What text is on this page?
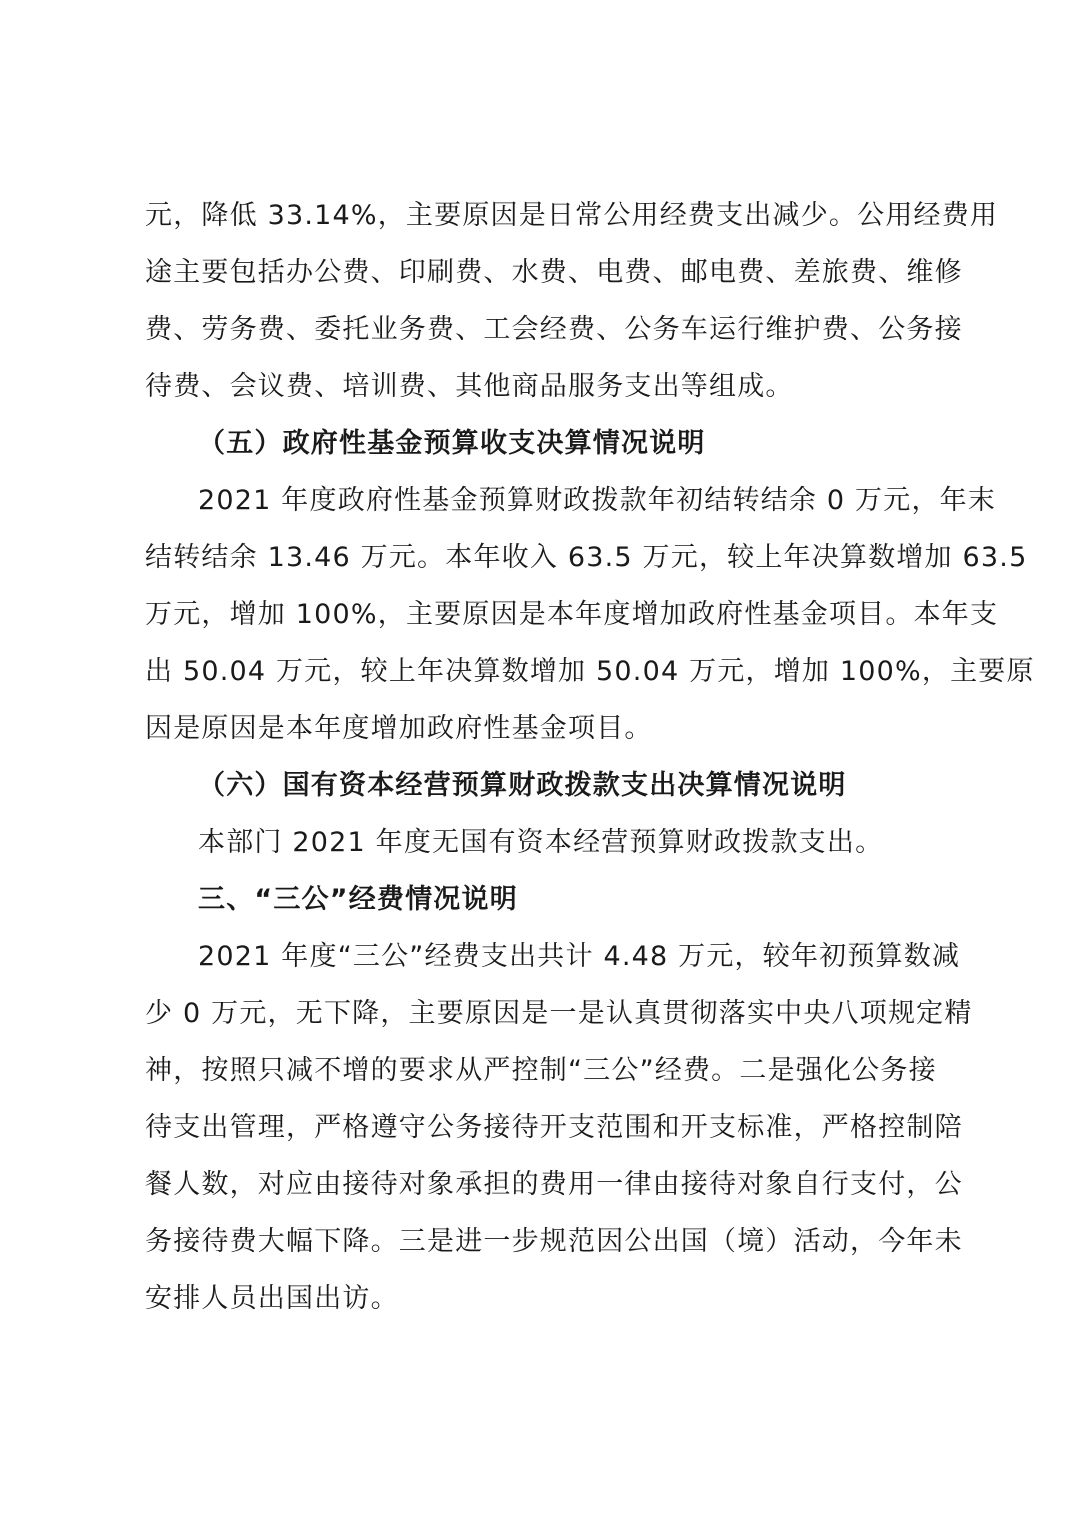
元，降低 33.14%，主要原因是日常公用经费支出减少。公用经费用
途主要包括办公费、印刷费、水费、电费、邮电费、差旅费、维修
费、劳务费、委托业务费、工会经费、公务车运行维护费、公务接
待费、会议费、培训费、其他商品服务支出等组成。
（五）政府性基金预算收支决算情况说明
2021 年度政府性基金预算财政拨款年初结转结余 0 万元，年末
结转结余 13.46 万元。本年收入 63.5 万元，较上年决算数增加 63.5
万元，增加 100%，主要原因是本年度增加政府性基金项目。本年支
出 50.04 万元，较上年决算数增加 50.04 万元，增加 100%，主要原
因是原因是本年度增加政府性基金项目。
（六）国有资本经营预算财政拨款支出决算情况说明
本部门 2021 年度无国有资本经营预算财政拨款支出。
三、“三公”经费情况说明
2021 年度“三公”经费支出共计 4.48 万元，较年初预算数减
少 0 万元，无下降，主要原因是一是认真贯彻落实中央八项规定精
神，按照只减不增的要求从严控制“三公”经费。二是强化公务接
待支出管理，严格遵守公务接待开支范围和开支标准，严格控制陪
餐人数，对应由接待对象承担的费用一律由接待对象自行支付，公
务接待费大幅下降。三是进一步规范因公出国（境）活动，今年未
安排人员出国出访。
